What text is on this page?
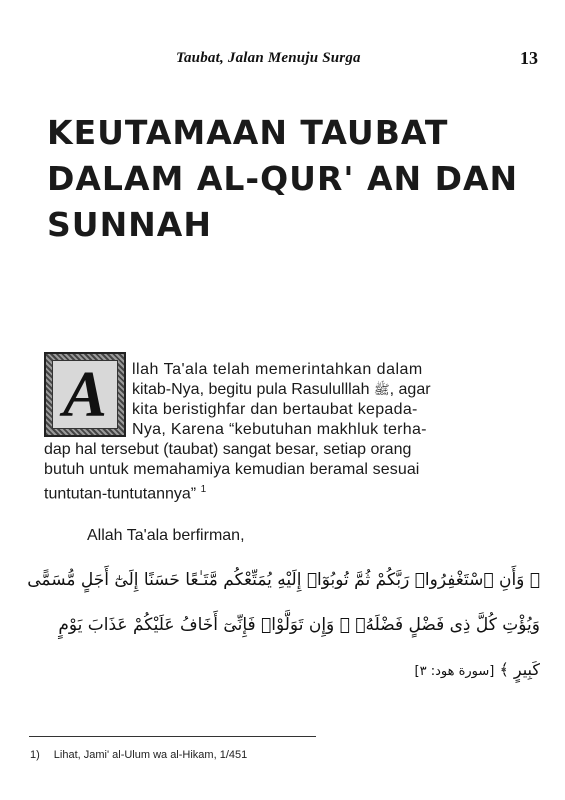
Taubat, Jalan Menuju Surga	13
KEUTAMAAN TAUBAT
DALAM AL-QUR' AN DAN
SUNNAH
A llah Ta'ala telah memerintahkan dalam
kitab-Nya, begitu pula Rasululllah ﷺ, agar
kita beristighfar dan bertaubat kepada-
Nya, Karena “kebutuhan makhluk terha-
dap hal tersebut (taubat) sangat besar, setiap orang
butuh untuk memahamiya kemudian beramal sesuai
tuntutan-tuntutannya” $^1$
Allah Ta'ala berfirman,
﴿ وَأَنِ ٱسْتَغْفِرُوا۟ رَبَّكُمْ ثُمَّ تُوبُوٓا۟ إِلَيْهِ يُمَتِّعْكُم مَّتَـٰعًا حَسَنًا إِلَىٰٓ أَجَلٍ مُّسَمًّى
وَيُؤْتِ كُلَّ ذِى فَضْلٍ فَضْلَهُۥ ۖ وَإِن تَوَلَّوْا۟ فَإِنِّىٓ أَخَافُ عَلَيْكُمْ عَذَابَ يَوْمٍ
كَبِيرٍ ﴾ [سورة هود: ٣]
1) Lihat, Jami' al-Ulum wa al-Hikam, 1/451
